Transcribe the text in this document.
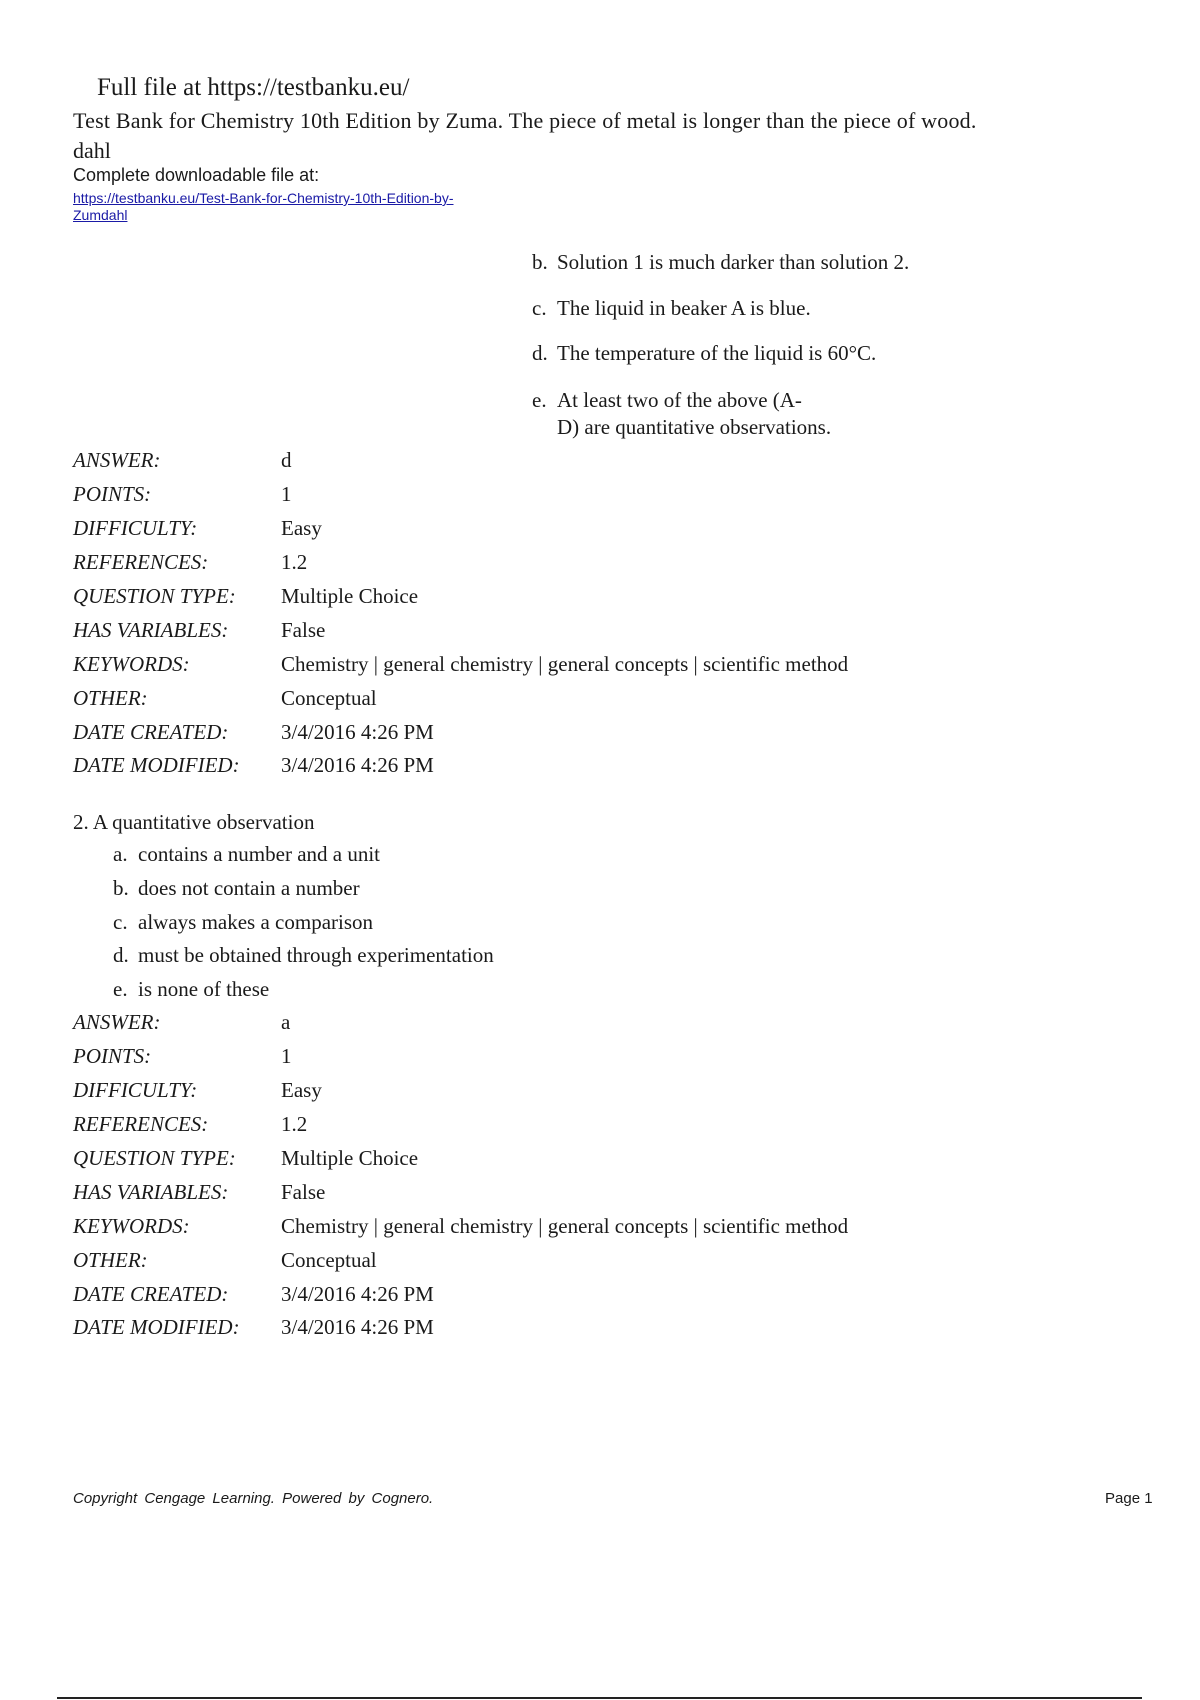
Full file at https://testbanku.eu/
Test Bank for Chemistry 10th Edition by Zuma. The piece of metal is longer than the piece of wood.
dahl
Complete downloadable file at:
https://testbanku.eu/Test-Bank-for-Chemistry-10th-Edition-by-
Zumdahl
b. Solution 1 is much darker than solution 2.
c. The liquid in beaker A is blue.
d. The temperature of the liquid is 60°C.
e. At least two of the above (A-
D) are quantitative observations.
ANSWER:	d
POINTS:	1
DIFFICULTY:	Easy
REFERENCES:	1.2
QUESTION TYPE: Multiple Choice
HAS VARIABLES:	False
KEYWORDS:	Chemistry | general chemistry | general concepts | scientific method
OTHER:	Conceptual
DATE CREATED:	3/4/2016 4:26 PM
DATE MODIFIED: 3/4/2016 4:26 PM
2. A quantitative observation
a. contains a number and a unit
b. does not contain a number
c. always makes a comparison
d. must be obtained through experimentation
e. is none of these
ANSWER:	a
POINTS:	1
DIFFICULTY:	Easy
REFERENCES:	1.2
QUESTION TYPE: Multiple Choice
HAS VARIABLES:	False
KEYWORDS:	Chemistry | general chemistry | general concepts | scientific method
OTHER:	Conceptual
DATE CREATED:	3/4/2016 4:26 PM
DATE MODIFIED: 3/4/2016 4:26 PM
Copyright Cengage Learning. Powered by Cognero.	Page 1
